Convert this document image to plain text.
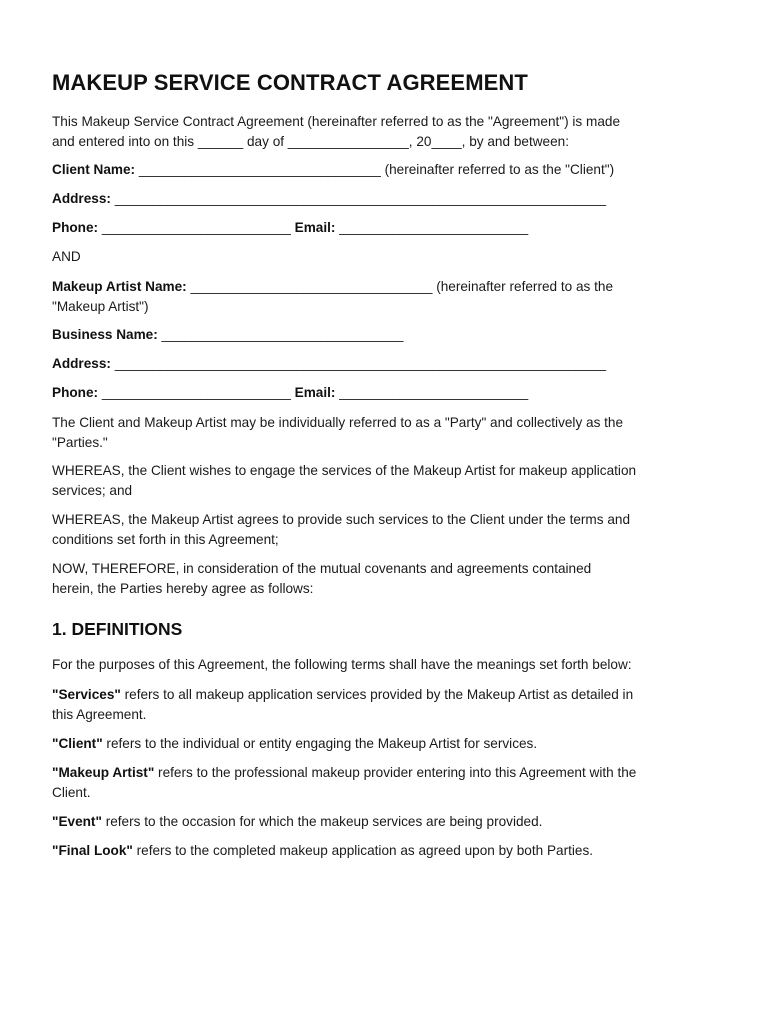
MAKEUP SERVICE CONTRACT AGREEMENT

This Makeup Service Contract Agreement (hereinafter referred to as the "Agreement") is made
and entered into on this ______ day of ________________, 20____, by and between:

Client Name: ________________________________ (hereinafter referred to as the "Client")

Address: _________________________________________________________________

Phone: _________________________ Email: _________________________

AND

Makeup Artist Name: ________________________________ (hereinafter referred to as the
"Makeup Artist")

Business Name: ________________________________

Address: _________________________________________________________________

Phone: _________________________ Email: _________________________

The Client and Makeup Artist may be individually referred to as a "Party" and collectively as the
"Parties."

WHEREAS, the Client wishes to engage the services of the Makeup Artist for makeup application
services; and

WHEREAS, the Makeup Artist agrees to provide such services to the Client under the terms and
conditions set forth in this Agreement;

NOW, THEREFORE, in consideration of the mutual covenants and agreements contained
herein, the Parties hereby agree as follows:

1. DEFINITIONS

For the purposes of this Agreement, the following terms shall have the meanings set forth below:

"Services" refers to all makeup application services provided by the Makeup Artist as detailed in
this Agreement.

"Client" refers to the individual or entity engaging the Makeup Artist for services.

"Makeup Artist" refers to the professional makeup provider entering into this Agreement with the
Client.

"Event" refers to the occasion for which the makeup services are being provided.

"Final Look" refers to the completed makeup application as agreed upon by both Parties.
